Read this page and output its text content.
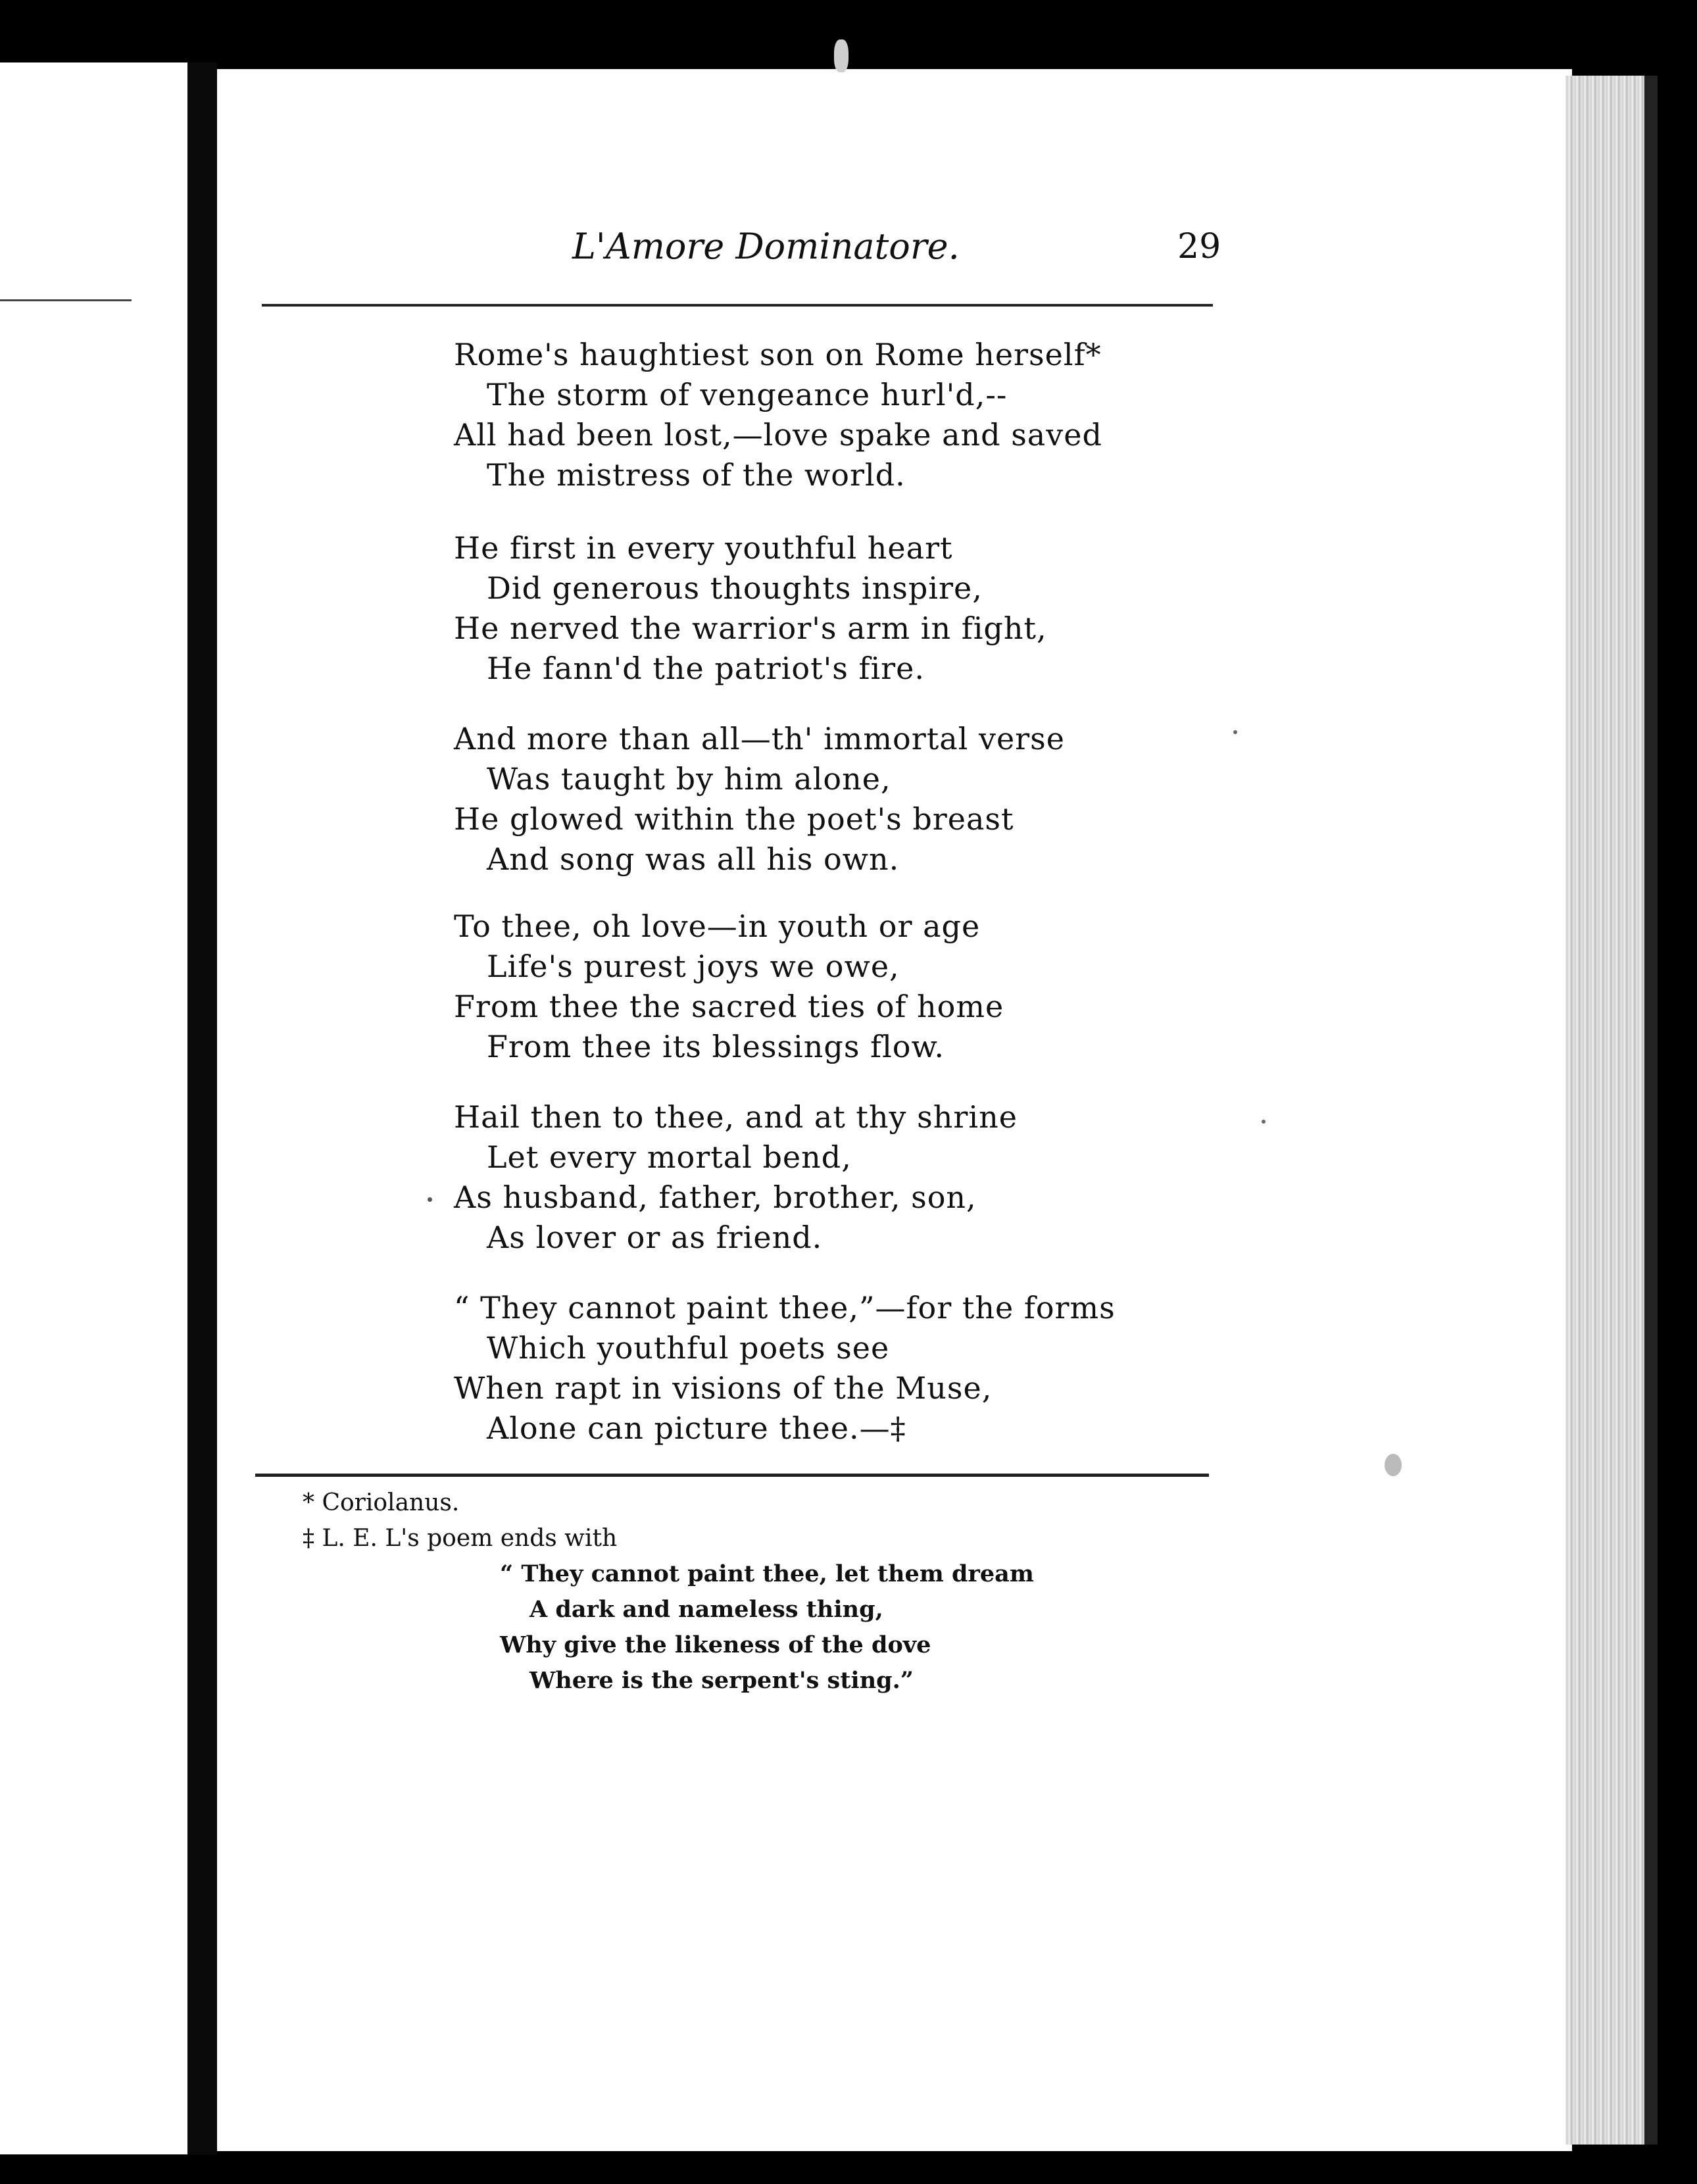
L'Amore Dominatore.	29
Rome's haughtiest son on Rome herself*
The storm of vengeance hurl'd,--
All had been lost,—love spake and saved
The mistress of the world.
He first in every youthful heart
Did generous thoughts inspire,
He nerved the warrior's arm in fight,
He fann'd the patriot's fire.
And more than all—th' immortal verse
Was taught by him alone,
He glowed within the poet's breast
And song was all his own.
To thee, oh love—in youth or age
Life's purest joys we owe,
From thee the sacred ties of home
From thee its blessings flow.
Hail then to thee, and at thy shrine
Let every mortal bend,
As husband, father, brother, son,
As lover or as friend.
“ They cannot paint thee,”—for the forms
Which youthful poets see
When rapt in visions of the Muse,
Alone can picture thee.—‡
* Coriolanus.
‡ L. E. L's poem ends with
“ They cannot paint thee, let them dream
A dark and nameless thing,
Why give the likeness of the dove
Where is the serpent's sting.”
